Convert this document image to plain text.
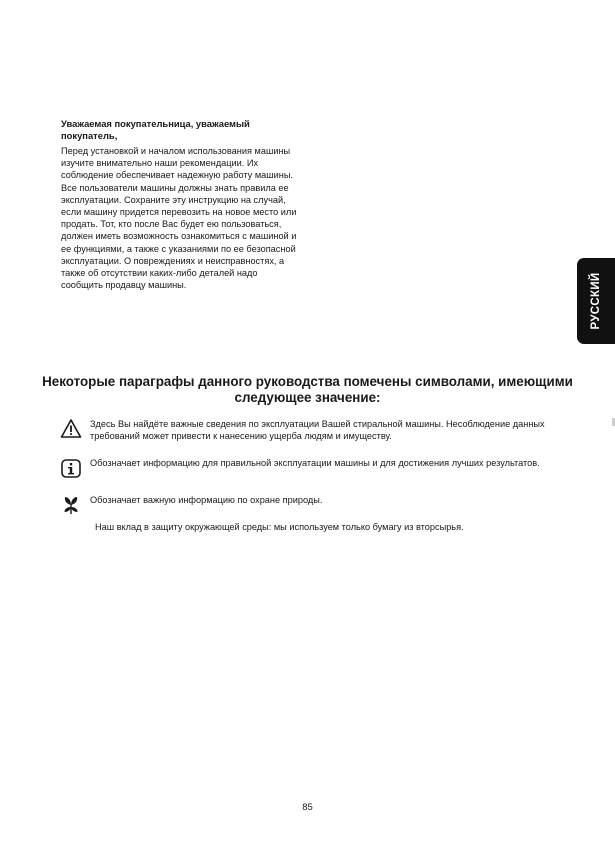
Уважаемая покупательница, уважаемый покупатель,

Перед установкой и началом использования машины изучите внимательно наши рекомендации. Их соблюдение обеспечивает надежную работу машины. Все пользователи машины должны знать правила ее эксплуатации. Сохраните эту инструкцию на случай, если машину придется перевозить на новое место или продать. Тот, кто после Вас будет ею пользоваться, должен иметь возможность ознакомиться с машиной и ее функциями, а также с указаниями по ее безопасной эксплуатации. О повреждениях и неисправностях, а также об отсутствии каких-либо деталей надо сообщить продавцу машины.	РУССКИЙ

Некоторые параграфы данного руководства помечены символами, имеющими следующее значение:

Здесь Вы найдёте важные сведения по эксплуатации Вашей стиральной машины. Несоблюдение данных требований может привести к нанесению ущерба людям и имуществу.

Обозначает информацию для правильной эксплуатации машины и для достижения лучших результатов.

Обозначает важную информацию по охране природы.

Наш вклад в защиту окружающей среды: мы используем только бумагу из вторсырья.

85
